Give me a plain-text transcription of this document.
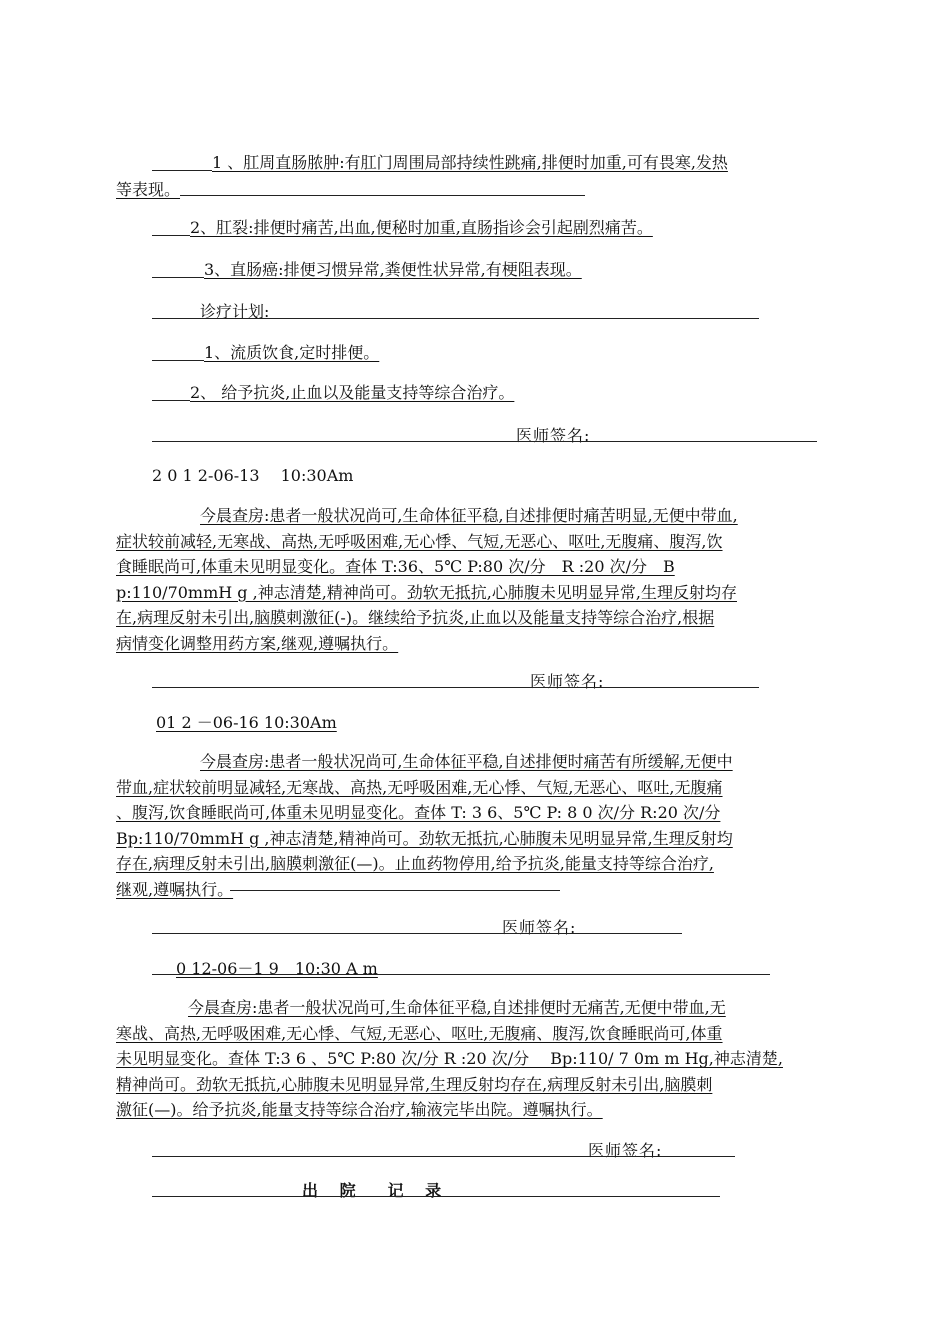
1 、肛周直肠脓肿:有肛门周围局部持续性跳痛,排便时加重,可有畏寒,发热
等表现。
2、肛裂:排便时痛苦,出血,便秘时加重,直肠指诊会引起剧烈痛苦。
3、直肠癌:排便习惯异常,粪便性状异常,有梗阻表现。
诊疗计划:
1、流质饮食,定时排便。
2、 给予抗炎,止血以及能量支持等综合治疗。
医师签名:
2 0 1 2-06-13　 10:30Am
今晨查房:患者一般状况尚可,生命体征平稳,自述排便时痛苦明显,无便中带血,
症状较前减轻,无寒战、高热,无呼吸困难,无心悸、气短,无恶心、呕吐,无腹痛、腹泻,饮
食睡眠尚可,体重未见明显变化。查体 T:36、5℃ P:80 次/分　R :20 次/分　B
p:110/70mmH g ,神志清楚,精神尚可。劲软无抵抗,心肺腹未见明显异常,生理反射均存
在,病理反射未引出,脑膜刺激征(-)。继续给予抗炎,止血以及能量支持等综合治疗,根据
病情变化调整用药方案,继观,遵嘱执行。
医师签名:
01 2 －06-16 10:30Am
今晨查房:患者一般状况尚可,生命体征平稳,自述排便时痛苦有所缓解,无便中
带血,症状较前明显减轻,无寒战、高热,无呼吸困难,无心悸、气短,无恶心、呕吐,无腹痛
、腹泻,饮食睡眠尚可,体重未见明显变化。查体 T: 3 6、5℃ P: 8 0 次/分 R:20 次/分
Bp:110/70mmH g ,神志清楚,精神尚可。劲软无抵抗,心肺腹未见明显异常,生理反射均
存在,病理反射未引出,脑膜刺激征(—)。止血药物停用,给予抗炎,能量支持等综合治疗,
继观,遵嘱执行。
医师签名:
0 12-06－1 9　10:30 A m
今晨查房:患者一般状况尚可,生命体征平稳,自述排便时无痛苦,无便中带血,无
寒战、高热,无呼吸困难,无心悸、气短,无恶心、呕吐,无腹痛、腹泻,饮食睡眠尚可,体重
未见明显变化。查体 T:3 6 、5℃ P:80 次/分 R :20 次/分　 Bp:110/ 7 0m m Hg,神志清楚,
精神尚可。劲软无抵抗,心肺腹未见明显异常,生理反射均存在,病理反射未引出,脑膜刺
激征(—)。给予抗炎,能量支持等综合治疗,输液完毕出院。遵嘱执行。
医师签名:
出 院　记 录
